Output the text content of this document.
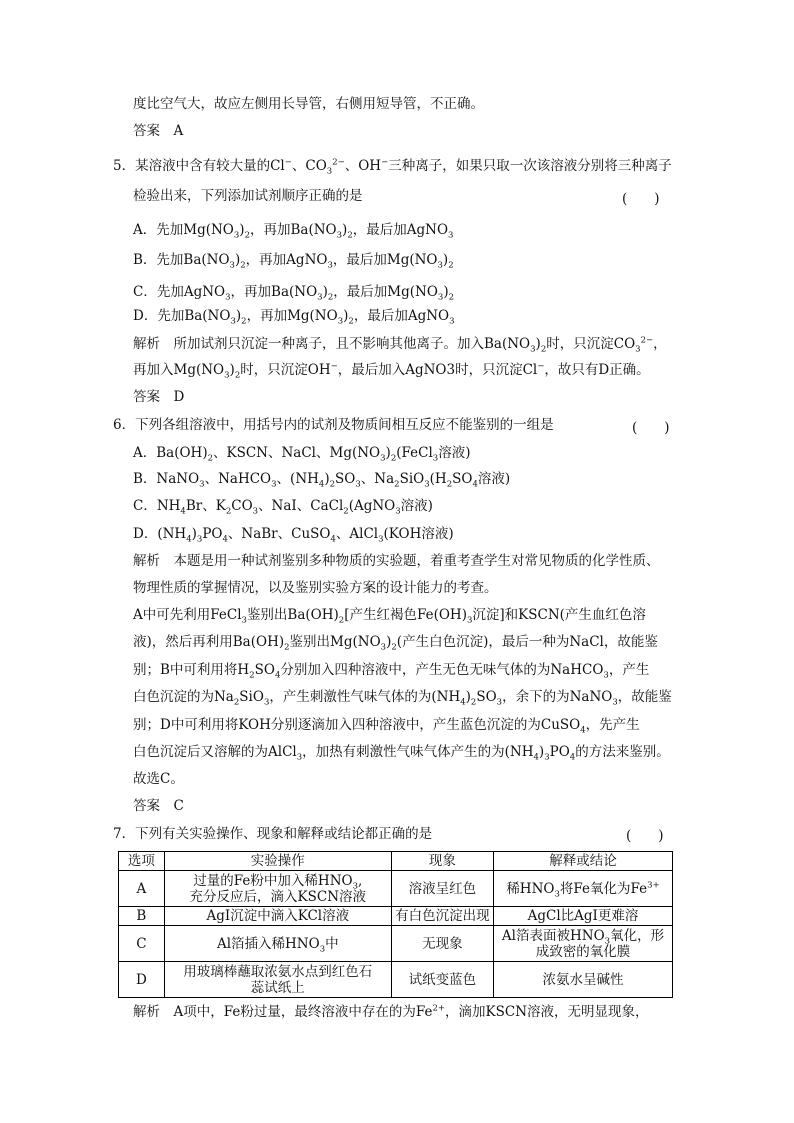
度比空气大，故应左侧用长导管，右侧用短导管，不正确。
答案　A
5．某溶液中含有较大量的Cl−、$CO_3^{2-}$、OH−三种离子，如果只取一次该溶液分别将三种离子
检验出来，下列添加试剂顺序正确的是	(　　)
A．先加$Mg(NO_3)_2$，再加$Ba(NO_3)_2$，最后加AgNO$_3$
B．先加$Ba(NO_3)_2$，再加AgNO$_3$，最后加$Mg(NO_3)_2$
C．先加AgNO$_3$，再加$Ba(NO_3)_2$，最后加$Mg(NO_3)_2$
D．先加$Ba(NO_3)_2$，再加$Mg(NO_3)_2$，最后加AgNO$_3$
解析　所加试剂只沉淀一种离子，且不影响其他离子。加入$Ba(NO_3)_2$时，只沉淀$CO_3^{2-}$，
再加入$Mg(NO_3)_2$时，只沉淀OH−，最后加入AgNO3时，只沉淀Cl−，故只有D正确。
答案　D
6．下列各组溶液中，用括号内的试剂及物质间相互反应不能鉴别的一组是	(　　)
A．$Ba(OH)_2$、KSCN、NaCl、$Mg(NO_3)_2(FeCl_3$溶液)
B．NaNO$_3$、NaHCO$_3$、$(NH_4)_2SO_3$、$Na_2SiO_3(H_2SO_4$溶液)
C．$NH_4Br$、$K_2CO_3$、NaI、CaCl$_2$(AgNO$_3$溶液)
D．$(NH_4)_3PO_4$、NaBr、CuSO$_4$、AlCl$_3$(KOH溶液)
解析　本题是用一种试剂鉴别多种物质的实验题，着重考查学生对常见物质的化学性质、
物理性质的掌握情况，以及鉴别实验方案的设计能力的考查。
A中可先利用FeCl$_3$鉴别出$Ba(OH)_2$[产生红褐色$Fe(OH)_3$沉淀]和KSCN(产生血红色溶
液)，然后再利用$Ba(OH)_2$鉴别出$Mg(NO_3)_2$(产生白色沉淀)，最后一种为NaCl，故能鉴
别；B中可利用将$H_2SO_4$分别加入四种溶液中，产生无色无味气体的为NaHCO$_3$，产生
白色沉淀的为$Na_2SiO_3$，产生刺激性气味气体的为$(NH_4)_2SO_3$，余下的为NaNO$_3$，故能鉴
别；D中可利用将KOH分别逐滴加入四种溶液中，产生蓝色沉淀的为CuSO$_4$，先产生
白色沉淀后又溶解的为AlCl$_3$，加热有刺激性气味气体产生的为$(NH_4)_3PO_4$的方法来鉴别。
故选C。
答案　C
7．下列有关实验操作、现象和解释或结论都正确的是	(　　)
选项	实验操作	现象	解释或结论
A	过量的Fe粉中加入稀$HNO_3$,充分反应后，滴入KSCN溶液	溶液呈红色	稀$HNO_3$将Fe氧化为$Fe^{3+}$
B	AgI沉淀中滴入KCl溶液	有白色沉淀出现	AgCl比AgI更难溶
C	Al箔插入稀$HNO_3$中	无现象	Al箔表面被$HNO_3$氧化，形成致密的氧化膜

D	用玻璃棒蘸取浓氨水点到红色石蕊试纸上	试纸变蓝色	浓氨水呈碱性
解析　A项中，Fe粉过量，最终溶液中存在的为$Fe^{2+}$，滴加KSCN溶液，无明显现象，
